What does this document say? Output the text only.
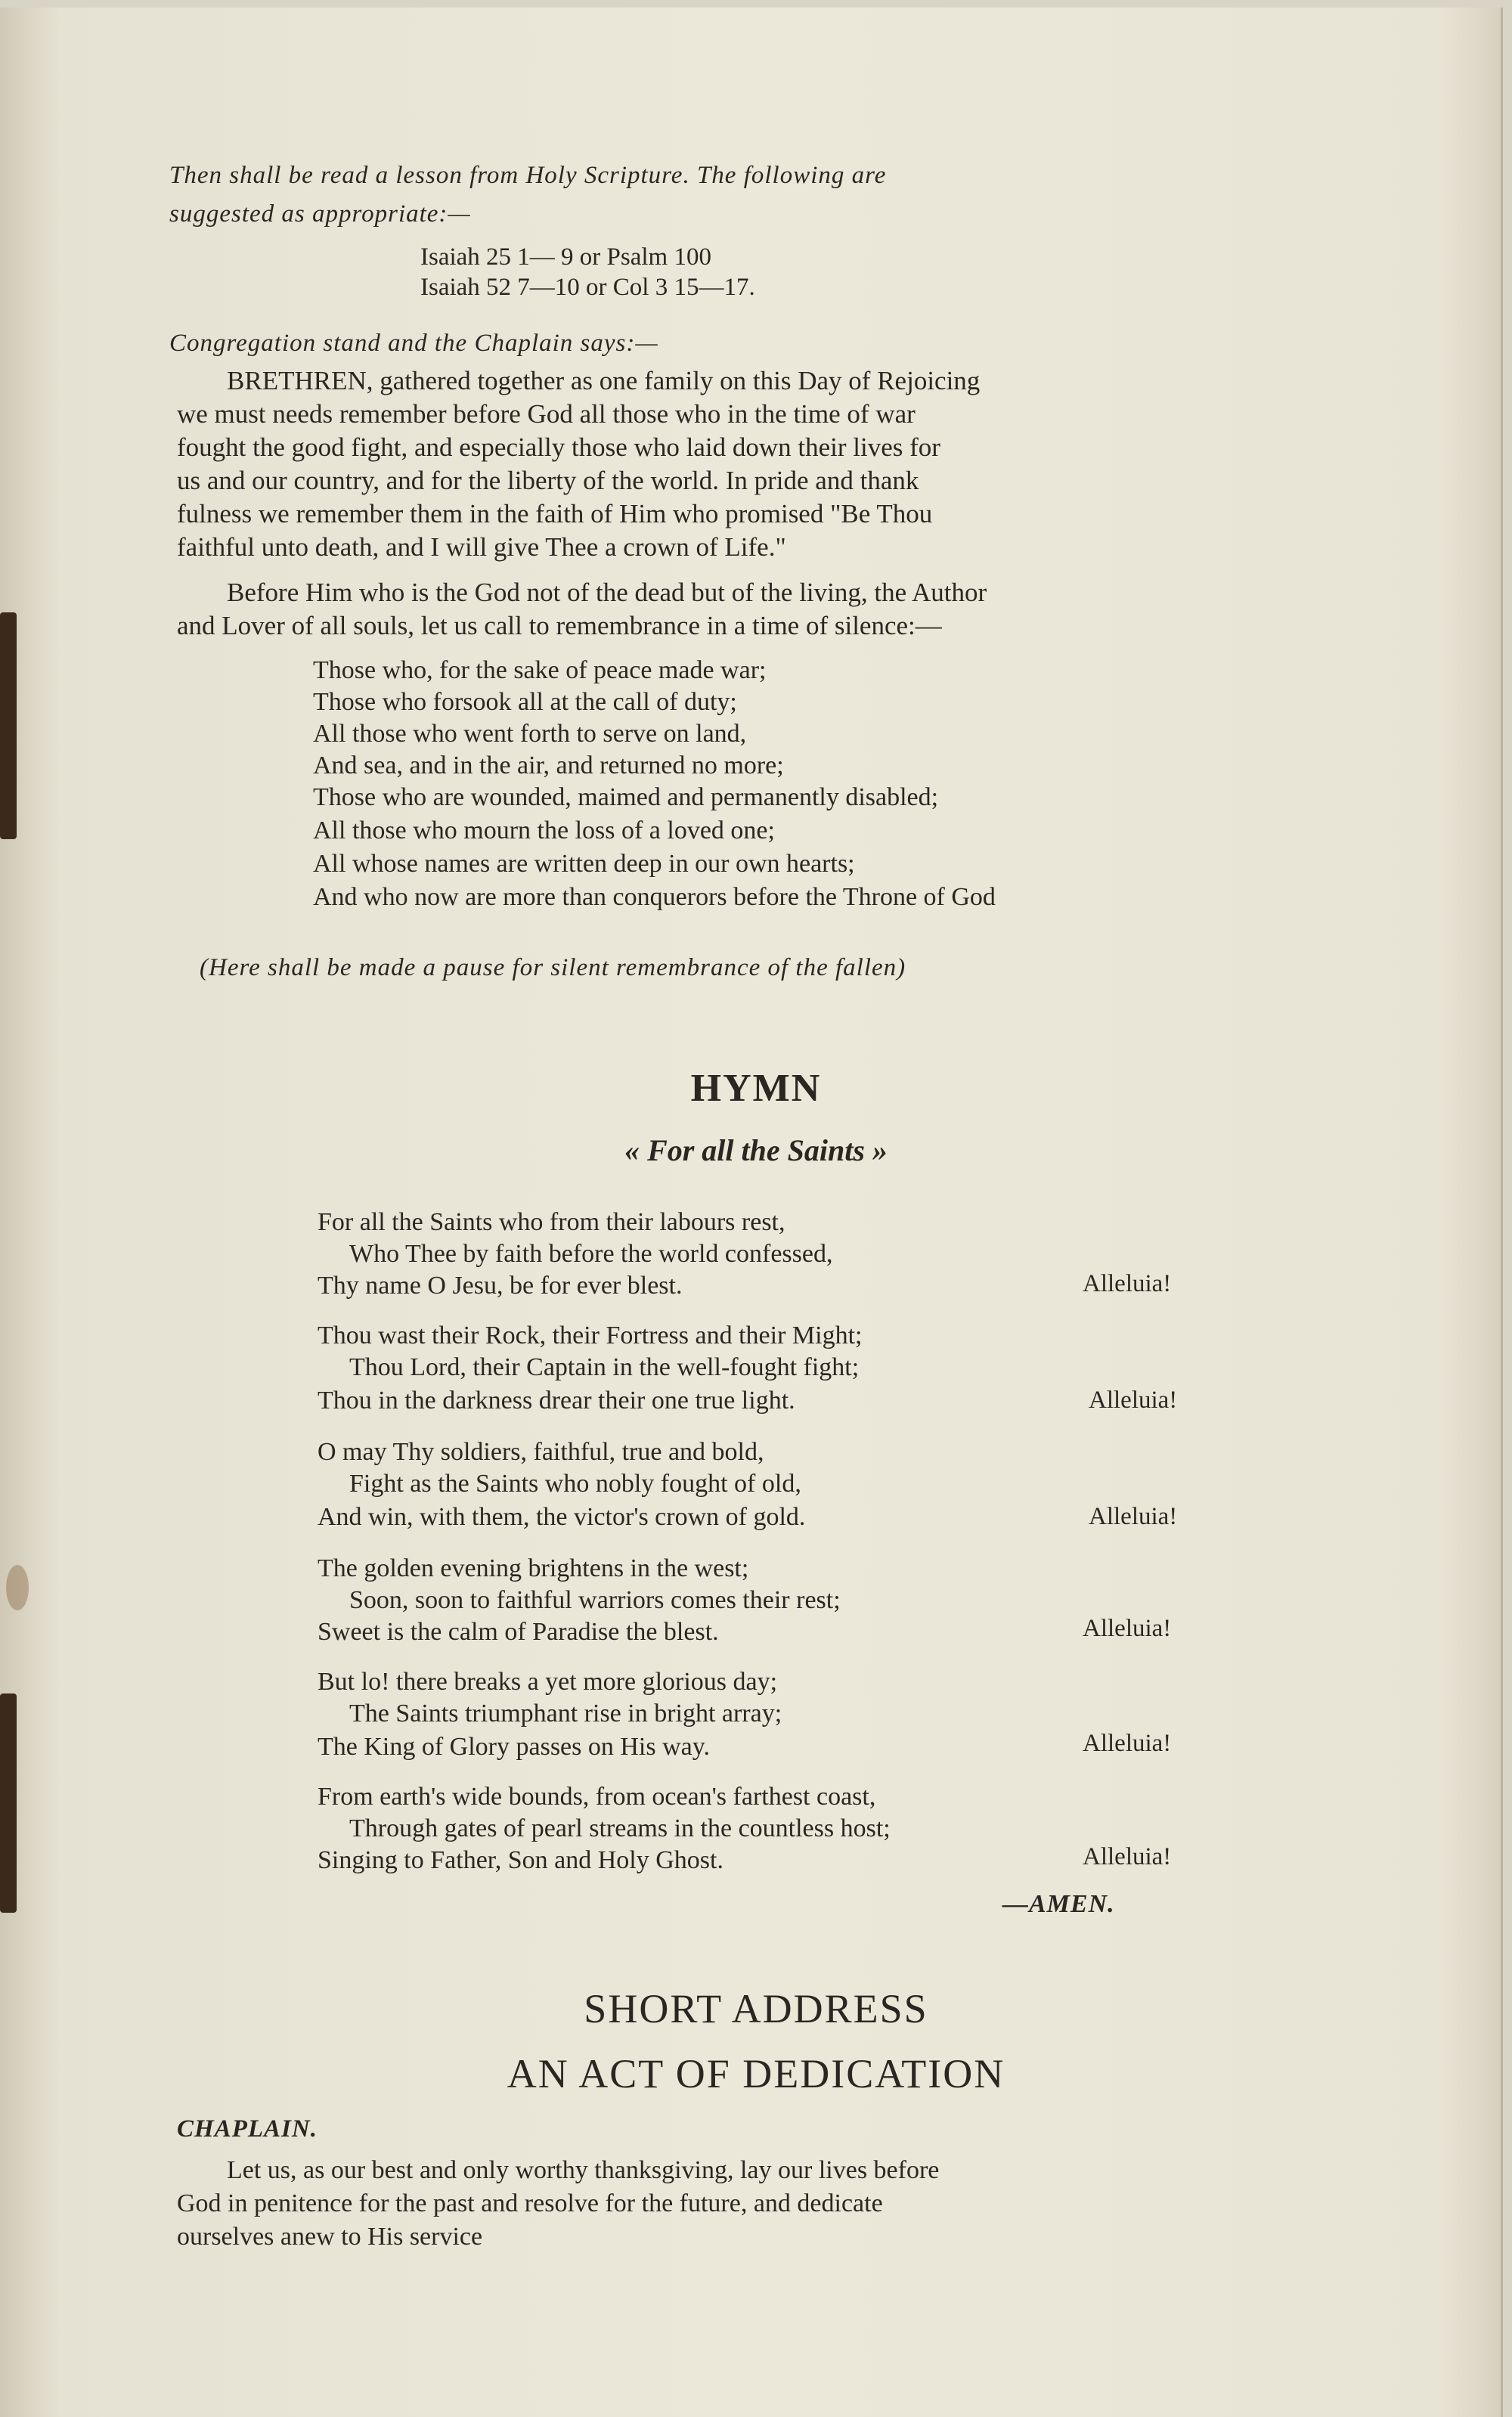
Then shall be read a lesson from Holy Scripture. The following are
suggested as appropriate:—
Isaiah 25 1— 9 or Psalm 100
Isaiah 52 7—10 or Col 3 15—17.
Congregation stand and the Chaplain says:—
BRETHREN, gathered together as one family on this Day of Rejoicing
we must needs remember before God all those who in the time of war
fought the good fight, and especially those who laid down their lives for
us and our country, and for the liberty of the world. In pride and thank
fulness we remember them in the faith of Him who promised "Be Thou
faithful unto death, and I will give Thee a crown of Life."
Before Him who is the God not of the dead but of the living, the Author
and Lover of all souls, let us call to remembrance in a time of silence:—
Those who, for the sake of peace made war;
Those who forsook all at the call of duty;
All those who went forth to serve on land,
And sea, and in the air, and returned no more;
Those who are wounded, maimed and permanently disabled;
All those who mourn the loss of a loved one;
All whose names are written deep in our own hearts;
And who now are more than conquerors before the Throne of God
(Here shall be made a pause for silent remembrance of the fallen)
HYMN
« For all the Saints »
For all the Saints who from their labours rest,
Who Thee by faith before the world confessed,
Thy name O Jesu, be for ever blest.	Alleluia!
Thou wast their Rock, their Fortress and their Might;
Thou Lord, their Captain in the well-fought fight;
Thou in the darkness drear their one true light.	Alleluia!
O may Thy soldiers, faithful, true and bold,
Fight as the Saints who nobly fought of old,
And win, with them, the victor's crown of gold.	Alleluia!
The golden evening brightens in the west;
Soon, soon to faithful warriors comes their rest;
Sweet is the calm of Paradise the blest.	Alleluia!
But lo! there breaks a yet more glorious day;
The Saints triumphant rise in bright array;
The King of Glory passes on His way.	Alleluia!
From earth's wide bounds, from ocean's farthest coast,
Through gates of pearl streams in the countless host;
Singing to Father, Son and Holy Ghost.	Alleluia!
—AMEN.
SHORT ADDRESS
AN ACT OF DEDICATION
CHAPLAIN.
Let us, as our best and only worthy thanksgiving, lay our lives before
God in penitence for the past and resolve for the future, and dedicate
ourselves anew to His service
